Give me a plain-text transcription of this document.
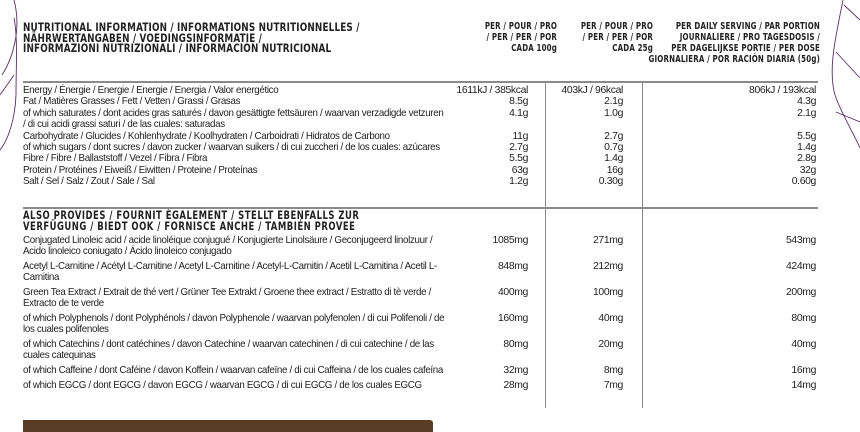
NUTRITIONAL INFORMATION / INFORMATIONS NUTRITIONNELLES /
NÄHRWERTANGABEN / VOEDINGSINFORMATIE /
INFORMAZIONI NUTRIZIONALI / INFORMACIÓN NUTRICIONAL
PER / POUR / PRO
/ PER / PER / POR
CADA 100g
PER / POUR / PRO
/ PER / PER / POR
CADA 25g
PER DAILY SERVING / PAR PORTION
JOURNALIERE / PRO TAGESDOSIS /
PER DAGELIJKSE PORTIE / PER DOSE
GIORNALIERA / POR RACIÓN DIARIA (50g)
Energy / Énergie / Energie / Energie / Energia / Valor energético	1611kJ / 385kcal	403kJ / 96kcal	806kJ / 193kcal
Fat / Matières Grasses / Fett / Vetten / Grassi / Grasas	8.5g	2.1g	4.3g
of which saturates / dont acides gras saturés / davon gesättigte fettsäuren / waarvan verzadigde vetzuren / di cui acidi grassi saturi / de las cuales: saturadas
4.1g	1.0g	2.1g
Carbohydrate / Glucides / Kohlenhydrate / Koolhydraten / Carboidrati / Hidratos de Carbono	11g	2.7g	5.5g
of which sugars / dont sucres / davon zucker / waarvan suikers / di cui zuccheri / de los cuales: azúcares	2.7g	0.7g	1.4g
Fibre / Fibre / Ballaststoff / Vezel / Fibra / Fibra	5.5g	1.4g	2.8g
Protein / Protéines / Eiweiß / Eiwitten / Proteine / Proteínas	63g	16g	32g
Salt / Sel / Salz / Zout / Sale / Sal	1.2g	0.30g	0.60g
ALSO PROVIDES / FOURNIT ÉGALEMENT / STELLT EBENFALLS ZUR
VERFÜGUNG / BIEDT OOK / FORNISCE ANCHE / TAMBIÉN PROVEE
Conjugated Linoleic acid / acide linoléique conjugué / Konjugierte Linolsäure / Geconjugeerd linolzuur / Acido linoleico coniugato / Ácido linoleico conjugado
1085mg	271mg	543mg
Acetyl L-Carnitine / Acétyl L-Carnitine / Acetyl L-Carnitine / Acetyl-L-Carnitin / Acetil L-Carnitina / Acetil L-Carnitina
848mg	212mg	424mg
Green Tea Extract / Extrait de thé vert / Grüner Tee Extrakt / Groene thee extract / Estratto di tè verde / Extracto de te verde
400mg	100mg	200mg
of which Polyphenols / dont Polyphénols / davon Polyphenole / waarvan polyfenolen / di cui Polifenoli / de los cuales polifenoles
160mg	40mg	80mg
of which Catechins / dont catéchines / davon Catechine / waarvan catechinen / di cui catechine / de las cuales catequinas
80mg	20mg	40mg
of which Caffeine / dont Caféine / davon Koffein / waarvan cafeïne / di cui Caffeina / de los cuales cafeína	32mg	8mg	16mg
of which EGCG / dont EGCG / davon EGCG / waarvan EGCG / di cui EGCG / de los cuales EGCG	28mg	7mg	14mg
